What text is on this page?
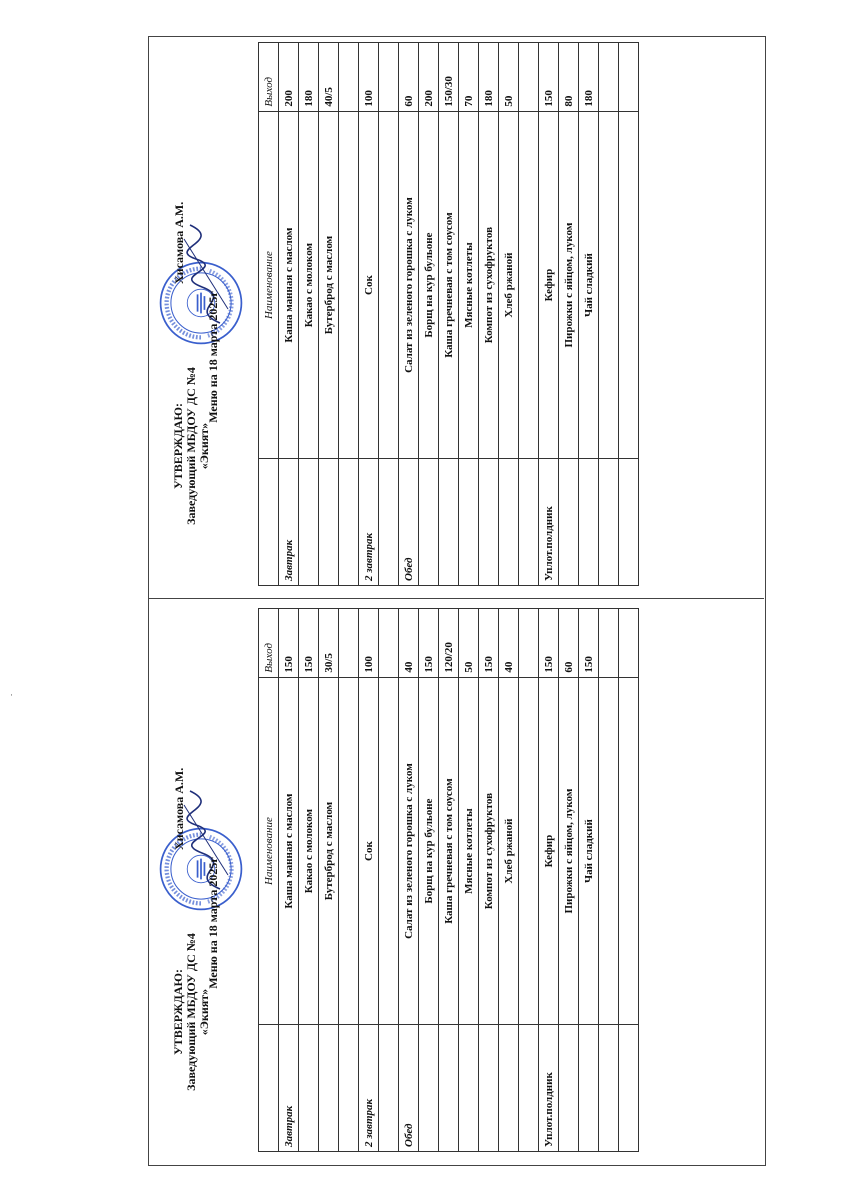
·
УТВЕРЖДАЮ: Заведующий МБДОУ ДС №4 «Экият»
Хисамова А.М.
Меню на 18 марта 2025г
	Наименование	Выход
Завтрак	Каша манная с маслом	150
	Какао с молоком	150
	Бутерброд с маслом	30/5

2 завтрак	Сок	100

Обед	Салат из зеленого горошка с луком	40
	Борщ на кур бульоне	150
	Каша гречневая с том соусом	120/20
	Мясные котлеты	50
	Компот из сухофруктов	150
	Хлеб ржаной	40

Уплот.полдник	Кефир	150
	Пирожки с яйцом, луком	60
	Чай сладкий	150

УТВЕРЖДАЮ: Заведующий МБДОУ ДС №4 «Экият»
Хисамова А.М.
Меню на 18 марта 2025г
	Наименование	Выход
Завтрак	Каша манная с маслом	200
	Какао с молоком	180
	Бутерброд с маслом	40/5

2 завтрак	Сок	100

Обед	Салат из зеленого горошка с луком	60
	Борщ на кур бульоне	200
	Каша гречневая с том соусом	150/30
	Мясные котлеты	70
	Компот из сухофруктов	180
	Хлеб ржаной	50

Уплот.полдник	Кефир	150
	Пирожки с яйцом, луком	80
	Чай сладкий	180
